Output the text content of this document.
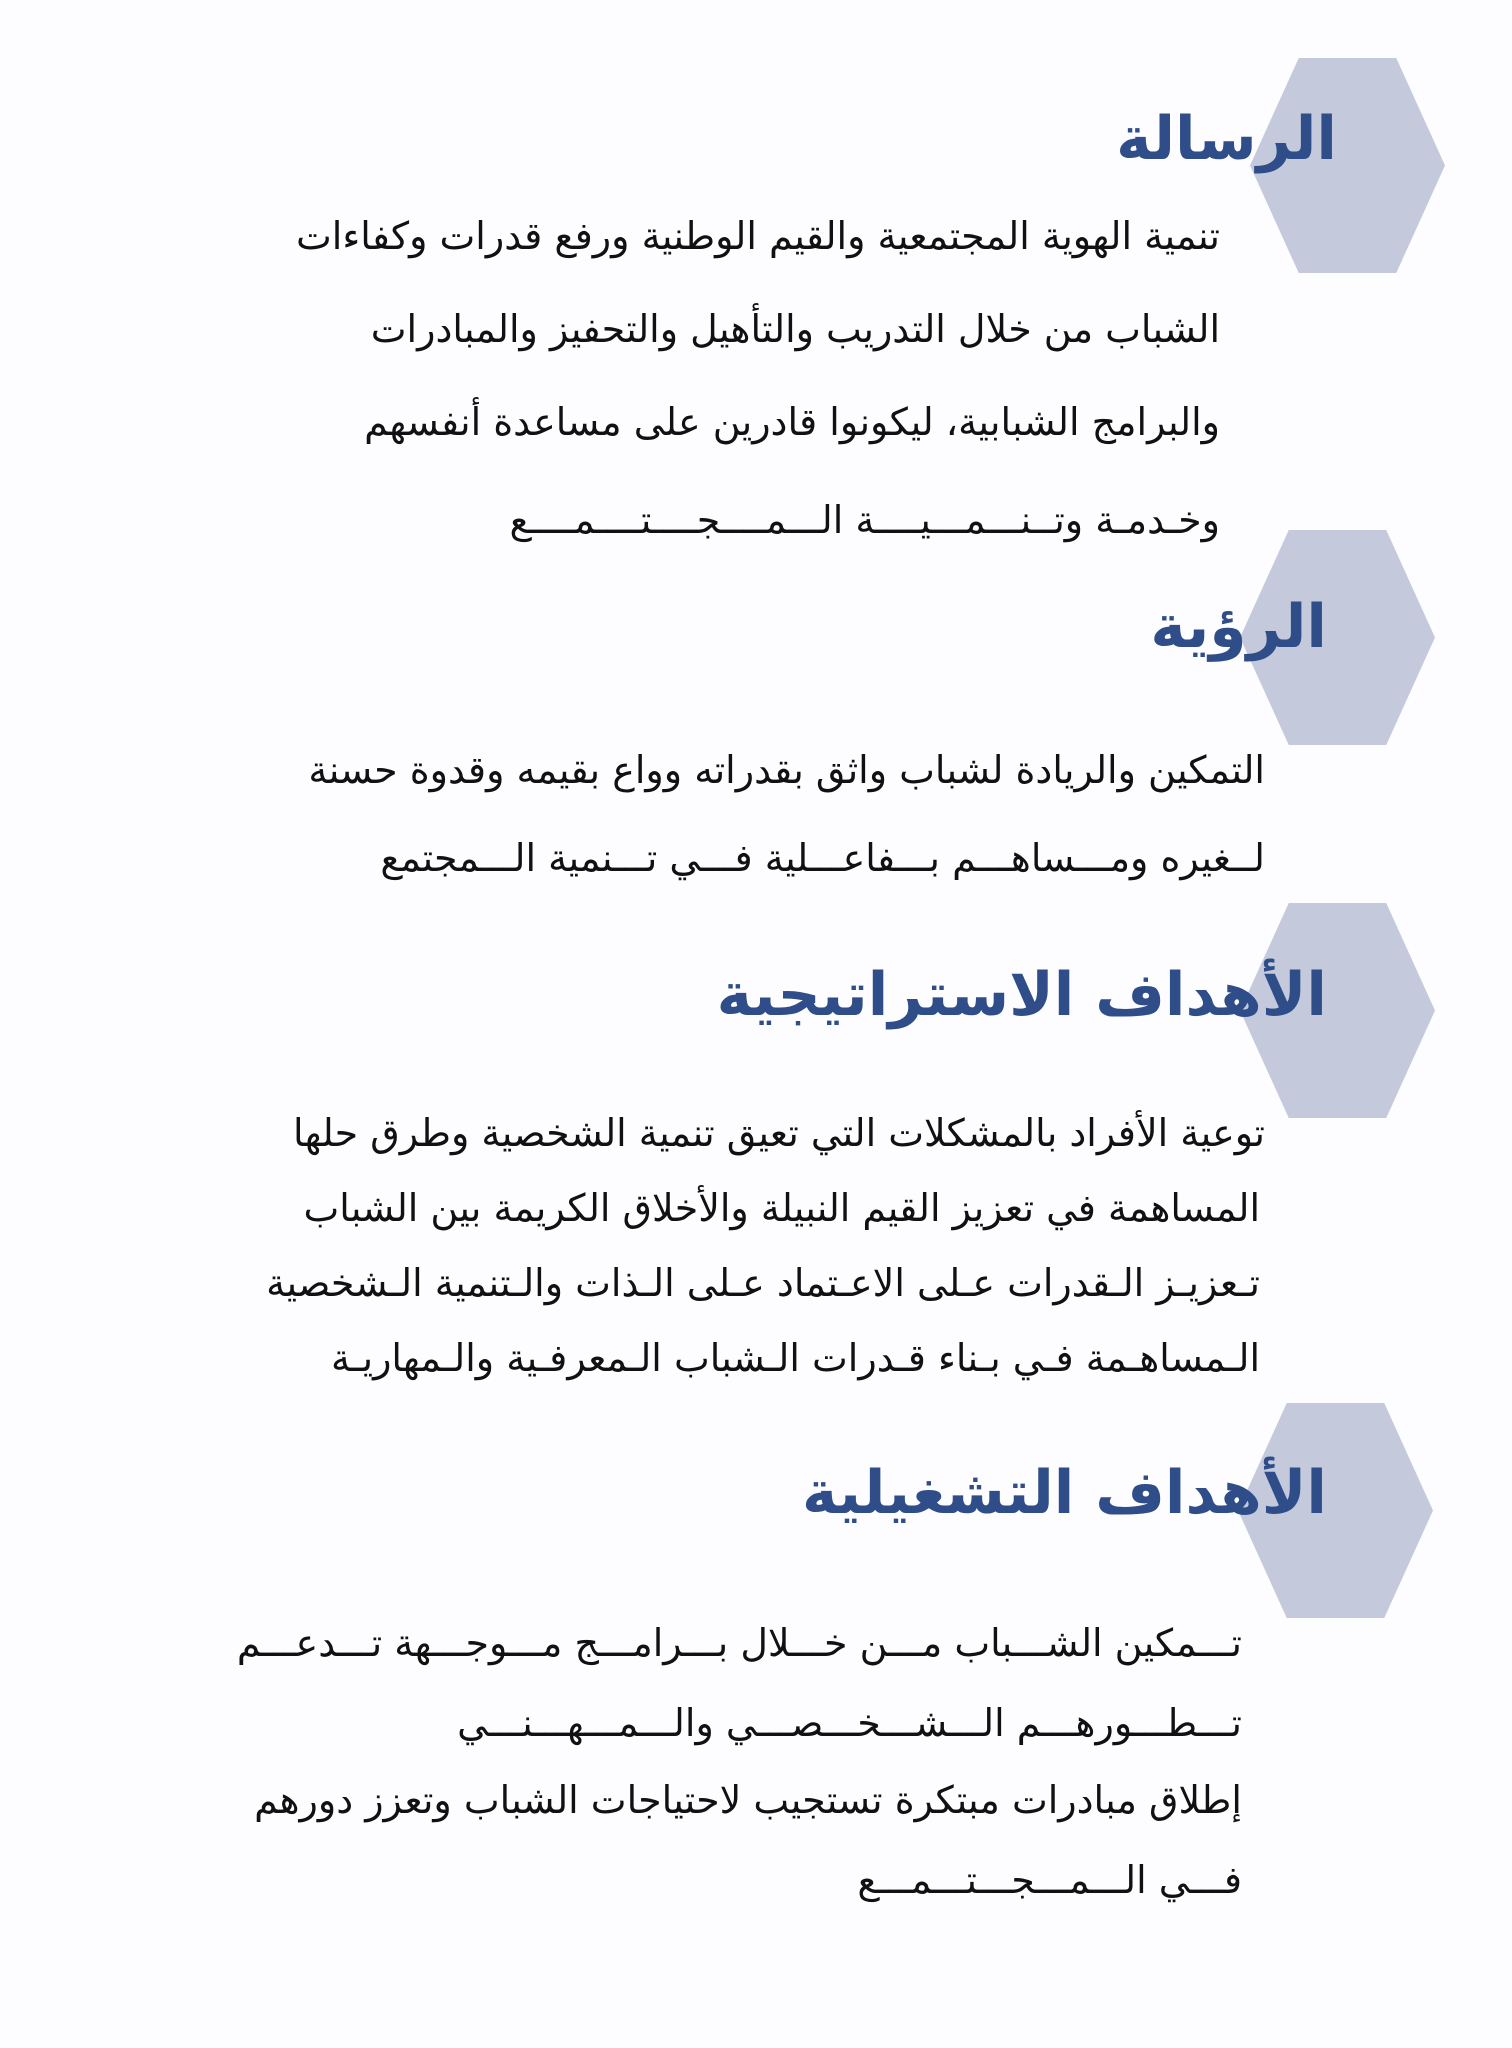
الرسالة

تنمية الهوية المجتمعية والقيم الوطنية ورفع قدرات وكفاءات

الشباب من خلال التدريب والتأهيل والتحفيز والمبادرات

والبرامج الشبابية، ليكونوا قادرين على مساعدة أنفسهم

وخـدمـة وتــنـــمـــيــــة الـــمــــجــــتــــمــــع

الرؤية

التمكين والريادة لشباب واثق بقدراته وواع بقيمه وقدوة حسنة

لــغيره ومـــساهـــم بـــفاعـــلية فـــي تـــنمية الـــمجتمع

الأهداف الاستراتيجية

توعية الأفراد بالمشكلات التي تعيق تنمية الشخصية وطرق حلها

المساهمة في تعزيز القيم النبيلة والأخلاق الكريمة بين الشباب

تـعزيـز الـقدرات عـلى الاعـتماد عـلى الـذات والـتنمية الـشخصية

الـمساهـمة فـي بـناء قـدرات الـشباب الـمعرفـية والـمهاريـة

الأهداف التشغيلية

تـــمكين الشـــباب مـــن خـــلال بـــرامـــج مـــوجـــهة تـــدعـــم

تـــطـــورهـــم الـــشـــخـــصـــي والـــمـــهـــنـــي

إطلاق مبادرات مبتكرة تستجيب لاحتياجات الشباب وتعزز دورهم

فـــي الـــمـــجـــتـــمـــع
